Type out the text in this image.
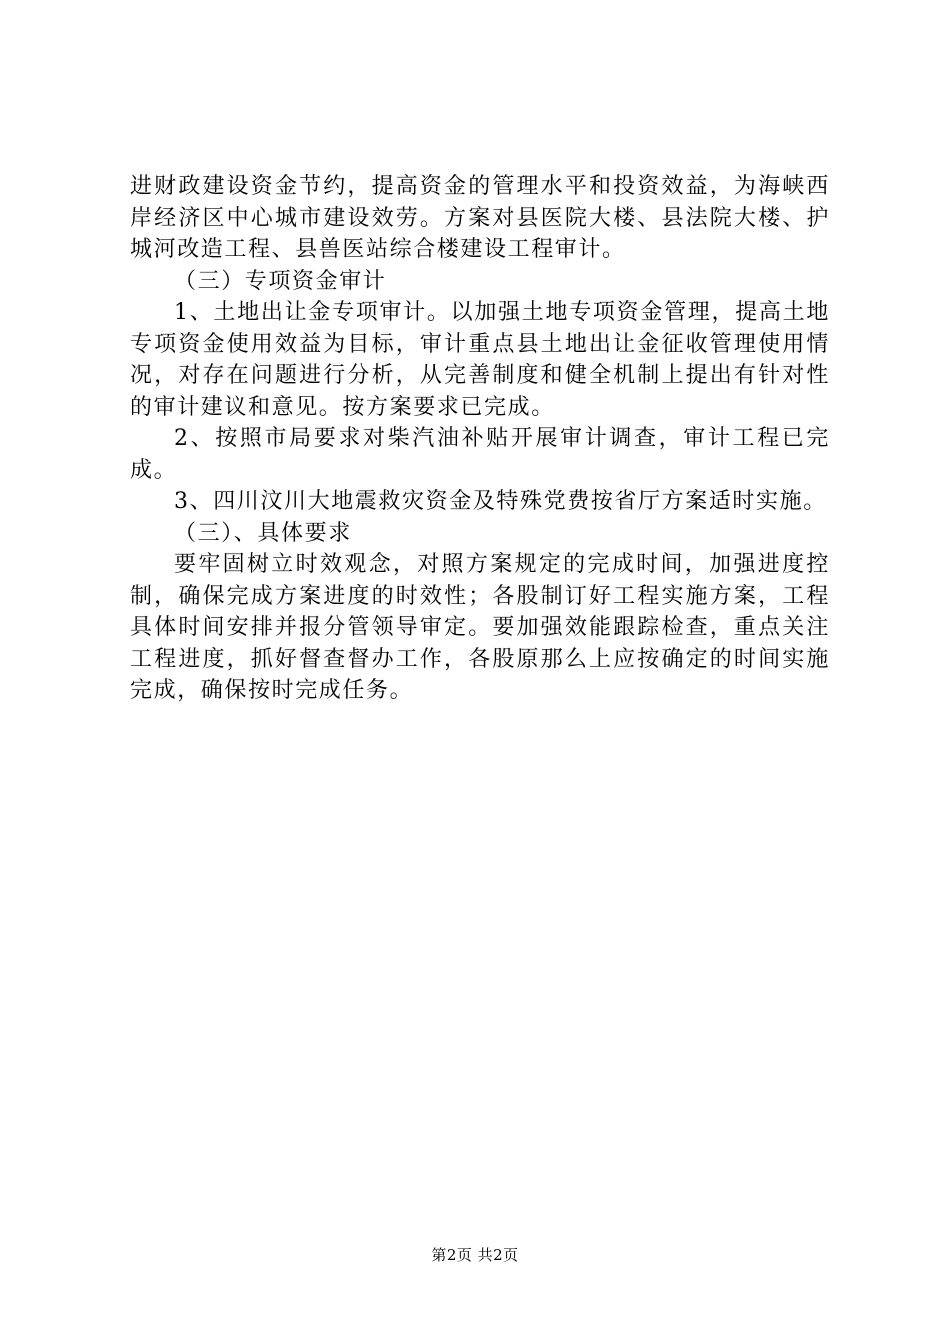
进财政建设资金节约，提高资金的管理水平和投资效益，为海峡西岸经济区中心城市建设效劳。方案对县医院大楼、县法院大楼、护城河改造工程、县兽医站综合楼建设工程审计。

（三）专项资金审计

1、土地出让金专项审计。以加强土地专项资金管理，提高土地专项资金使用效益为目标，审计重点县土地出让金征收管理使用情况，对存在问题进行分析，从完善制度和健全机制上提出有针对性的审计建议和意见。按方案要求已完成。

2、按照市局要求对柴汽油补贴开展审计调查，审计工程已完成。

3、四川汶川大地震救灾资金及特殊党费按省厅方案适时实施。

（三）、具体要求

要牢固树立时效观念，对照方案规定的完成时间，加强进度控制，确保完成方案进度的时效性；各股制订好工程实施方案，工程具体时间安排并报分管领导审定。要加强效能跟踪检查，重点关注工程进度，抓好督查督办工作，各股原那么上应按确定的时间实施完成，确保按时完成任务。

第2页 共2页
